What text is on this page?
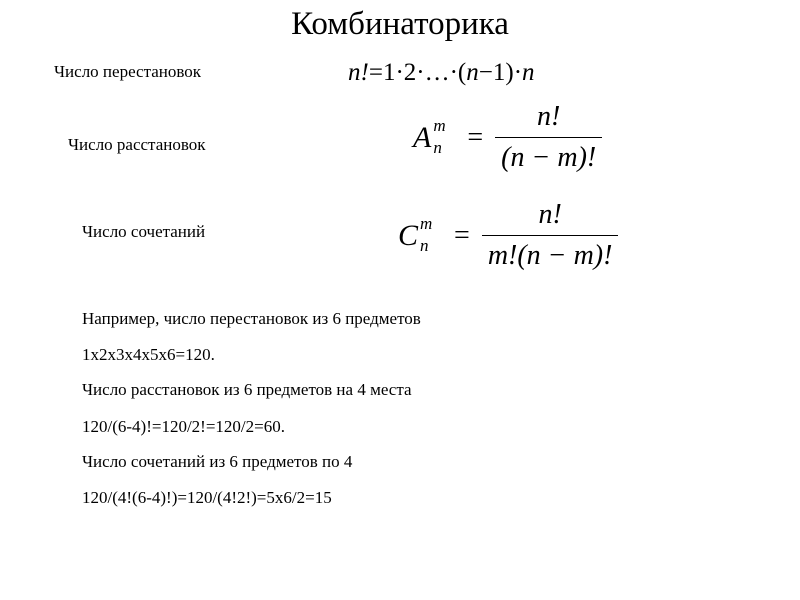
Комбинаторика
Число перестановок	n!=1·2·…·(n−1)·n
Число расстановок	A m
$n = \frac{n!}{(n - m)!}$
Число сочетаний	C m
$n = \frac{n!}{m!(n - m)!}$
Например, число перестановок из 6 предметов
1x2x3x4x5x6=120.
Число расстановок из 6 предметов на 4 места
120/(6-4)!=120/2!=120/2=60.
Число сочетаний из 6 предметов по 4
120/(4!(6-4)!)=120/(4!2!)=5x6/2=15
